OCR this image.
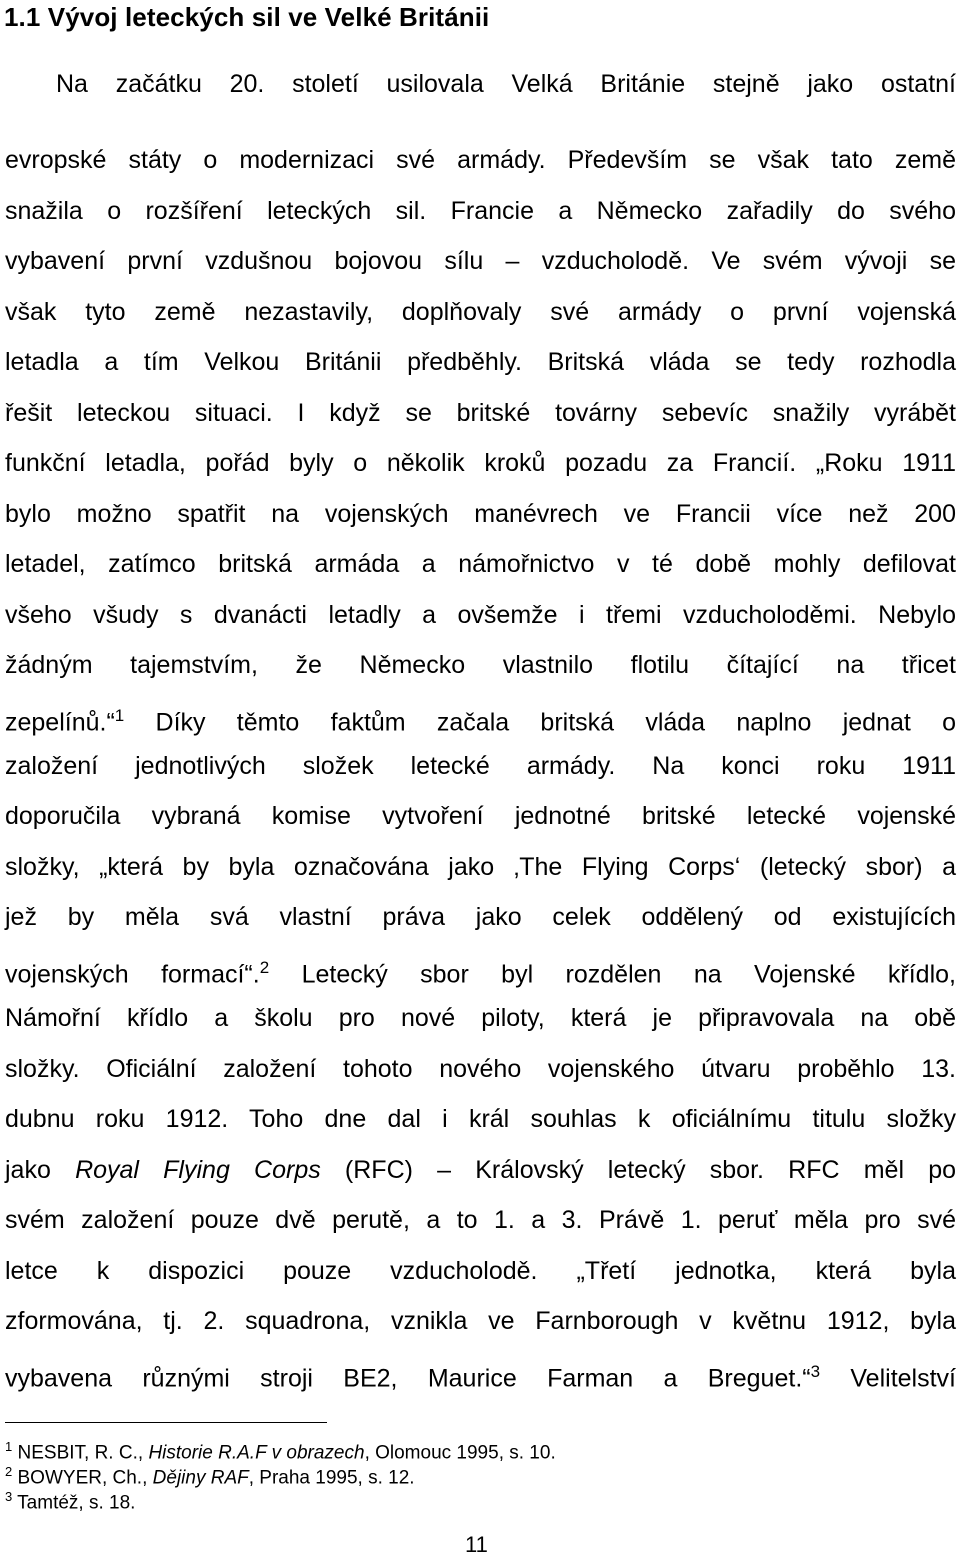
1.1 Vývoj leteckých sil ve Velké Británii
Na začátku 20. století usilovala Velká Británie stejně jako ostatní
evropské státy o modernizaci své armády. Především se však tato země
snažila o rozšíření leteckých sil. Francie a Německo zařadily do svého
vybavení první vzdušnou bojovou sílu – vzducholodě. Ve svém vývoji se
však tyto země nezastavily, doplňovaly své armády o první vojenská
letadla a tím Velkou Británii předběhly. Britská vláda se tedy rozhodla
řešit leteckou situaci. I když se britské továrny sebevíc snažily vyrábět
funkční letadla, pořád byly o několik kroků pozadu za Francií. „Roku 1911
bylo možno spatřit na vojenských manévrech ve Francii více než 200
letadel, zatímco britská armáda a námořnictvo v té době mohly defilovat
všeho všudy s dvanácti letadly a ovšemže i třemi vzducholoděmi. Nebylo
žádným tajemstvím, že Německo vlastnilo flotilu čítající na třicet
zepelínů.“$^1$ Díky těmto faktům začala britská vláda naplno jednat o
založení jednotlivých složek letecké armády. Na konci roku 1911
doporučila vybraná komise vytvoření jednotné britské letecké vojenské
složky, „která by byla označována jako ‚The Flying Corps‘ (letecký sbor) a
jež by měla svá vlastní práva jako celek oddělený od existujících
vojenských formací“.$^2$ Letecký sbor byl rozdělen na Vojenské křídlo,
Námořní křídlo a školu pro nové piloty, která je připravovala na obě
složky. Oficiální založení tohoto nového vojenského útvaru proběhlo 13.
dubnu roku 1912. Toho dne dal i král souhlas k oficiálnímu titulu složky
jako Royal Flying Corps (RFC) – Královský letecký sbor. RFC měl po
svém založení pouze dvě perutě, a to 1. a 3. Právě 1. peruť měla pro své
letce k dispozici pouze vzducholodě. „Třetí jednotka, která byla
zformována, tj. 2. squadrona, vznikla ve Farnborough v květnu 1912, byla
vybavena různými stroji BE2, Maurice Farman a Breguet.“$^3$ Velitelství
$^1$ NESBIT, R. C., Historie R.A.F v obrazech, Olomouc 1995, s. 10.
$^2$ BOWYER, Ch., Dějiny RAF, Praha 1995, s. 12.
$^3$ Tamtéž, s. 18.
11
